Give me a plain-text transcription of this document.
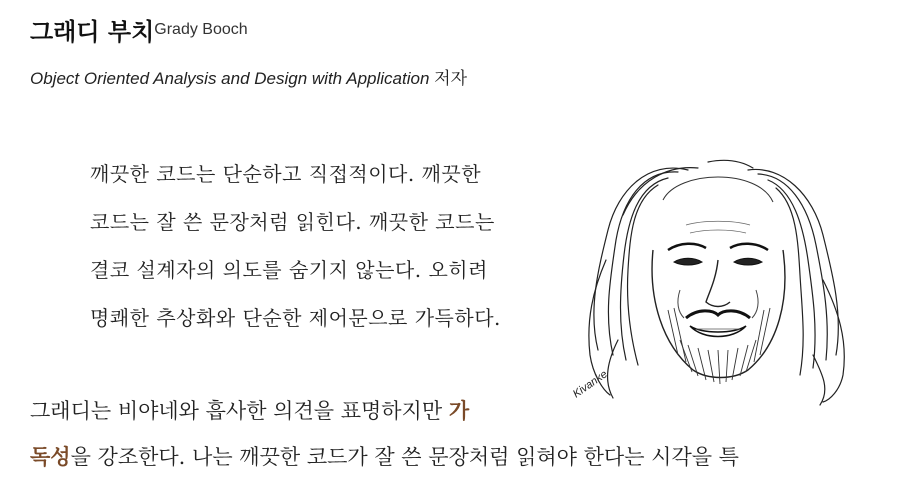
그래디 부치Grady Booch
Object Oriented Analysis and Design with Application 저자
깨끗한 코드는 단순하고 직접적이다. 깨끗한
코드는 잘 쓴 문장처럼 읽힌다. 깨끗한 코드는
결코 설계자의 의도를 숨기지 않는다. 오히려
명쾌한 추상화와 단순한 제어문으로 가득하다.
Kivanke
그래디는 비야네와 흡사한 의견을 표명하지만 가
독성을 강조한다. 나는 깨끗한 코드가 잘 쓴 문장처럼 읽혀야 한다는 시각을 특
